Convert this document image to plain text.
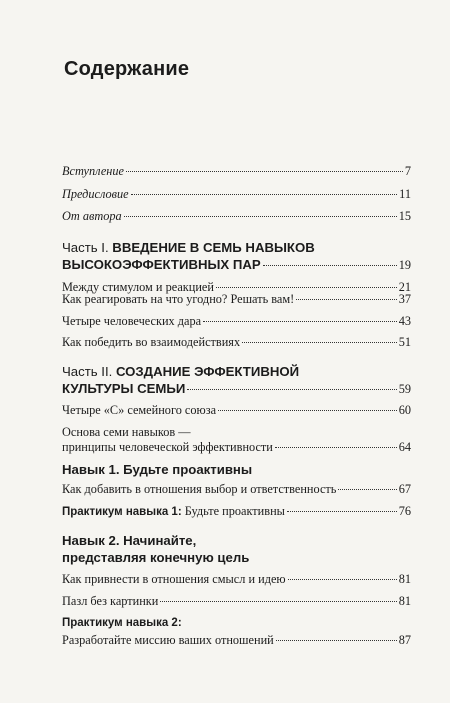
Содержание
Вступление	7
Предисловие	11
От автора	15
Часть I. ВВЕДЕНИЕ В СЕМЬ НАВЫКОВ
ВЫСОКОЭФФЕКТИВНЫХ ПАР	19
Между стимулом и реакцией	21
Как реагировать на что угодно? Решать вам!	37
Четыре человеческих дара	43
Как победить во взаимодействиях	51
Часть II. СОЗДАНИЕ ЭФФЕКТИВНОЙ
КУЛЬТУРЫ СЕМЬИ	59
Четыре «С» семейного союза	60
Основа семи навыков —
принципы человеческой эффективности	64
Навык 1. Будьте проактивны
Как добавить в отношения выбор и ответственность	67
Практикум навыка 1: Будьте проактивны	76
Навык 2. Начинайте,
представляя конечную цель
Как привнести в отношения смысл и идею	81
Пазл без картинки	81
Практикум навыка 2:
Разработайте миссию ваших отношений	87
